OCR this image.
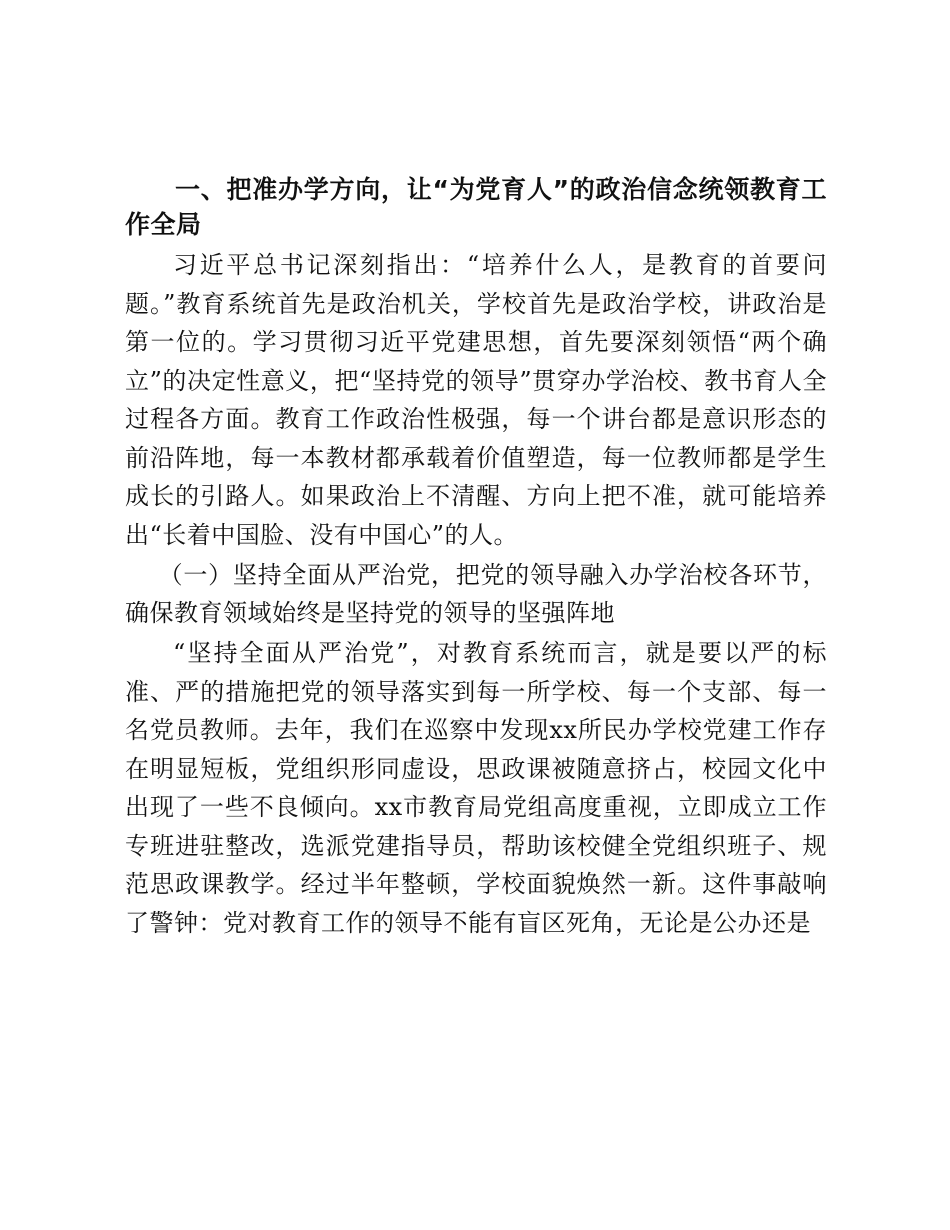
一、把准办学方向，让“为党育人”的政治信念统领教育工作全局

习近平总书记深刻指出：“培养什么人，是教育的首要问题。”教育系统首先是政治机关，学校首先是政治学校，讲政治是第一位的。学习贯彻习近平党建思想，首先要深刻领悟“两个确立”的决定性意义，把“坚持党的领导”贯穿办学治校、教书育人全过程各方面。教育工作政治性极强，每一个讲台都是意识形态的前沿阵地，每一本教材都承载着价值塑造，每一位教师都是学生成长的引路人。如果政治上不清醒、方向上把不准，就可能培养出“长着中国脸、没有中国心”的人。

（一）坚持全面从严治党，把党的领导融入办学治校各环节，确保教育领域始终是坚持党的领导的坚强阵地

“坚持全面从严治党”，对教育系统而言，就是要以严的标准、严的措施把党的领导落实到每一所学校、每一个支部、每一名党员教师。去年，我们在巡察中发现xx所民办学校党建工作存在明显短板，党组织形同虚设，思政课被随意挤占，校园文化中出现了一些不良倾向。xx市教育局党组高度重视，立即成立工作专班进驻整改，选派党建指导员，帮助该校健全党组织班子、规范思政课教学。经过半年整顿，学校面貌焕然一新。这件事敲响了警钟：党对教育工作的领导不能有盲区死角，无论是公办还是
